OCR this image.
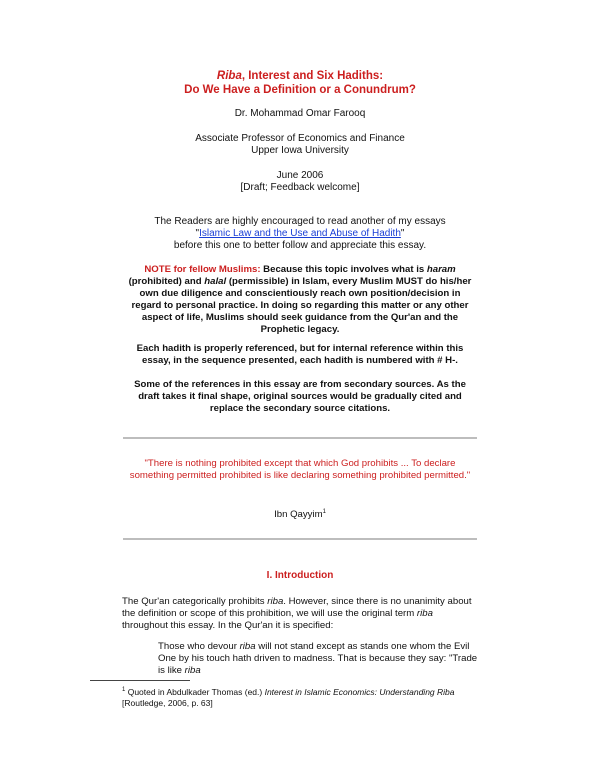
Riba, Interest and Six Hadiths:
Do We Have a Definition or a Conundrum?
Dr. Mohammad Omar Farooq
Associate Professor of Economics and Finance
Upper Iowa University
June 2006
[Draft; Feedback welcome]
The Readers are highly encouraged to read another of my essays
"Islamic Law and the Use and Abuse of Hadith"
before this one to better follow and appreciate this essay.
NOTE for fellow Muslims: Because this topic involves what is haram (prohibited) and halal (permissible) in Islam, every Muslim MUST do his/her own due diligence and conscientiously reach own position/decision in regard to personal practice. In doing so regarding this matter or any other aspect of life, Muslims should seek guidance from the Qur'an and the Prophetic legacy.
Each hadith is properly referenced, but for internal reference within this essay, in the sequence presented, each hadith is numbered with # H-.
Some of the references in this essay are from secondary sources. As the draft takes it final shape, original sources would be gradually cited and replace the secondary source citations.
"There is nothing prohibited except that which God prohibits ... To declare something permitted prohibited is like declaring something prohibited permitted."
Ibn Qayyim$^1$
I. Introduction
The Qur'an categorically prohibits riba. However, since there is no unanimity about the definition or scope of this prohibition, we will use the original term riba throughout this essay. In the Qur'an it is specified:
Those who devour riba will not stand except as stands one whom the Evil One by his touch hath driven to madness. That is because they say: "Trade is like riba
$^1$ Quoted in Abdulkader Thomas (ed.) Interest in Islamic Economics: Understanding Riba [Routledge, 2006, p. 63]
